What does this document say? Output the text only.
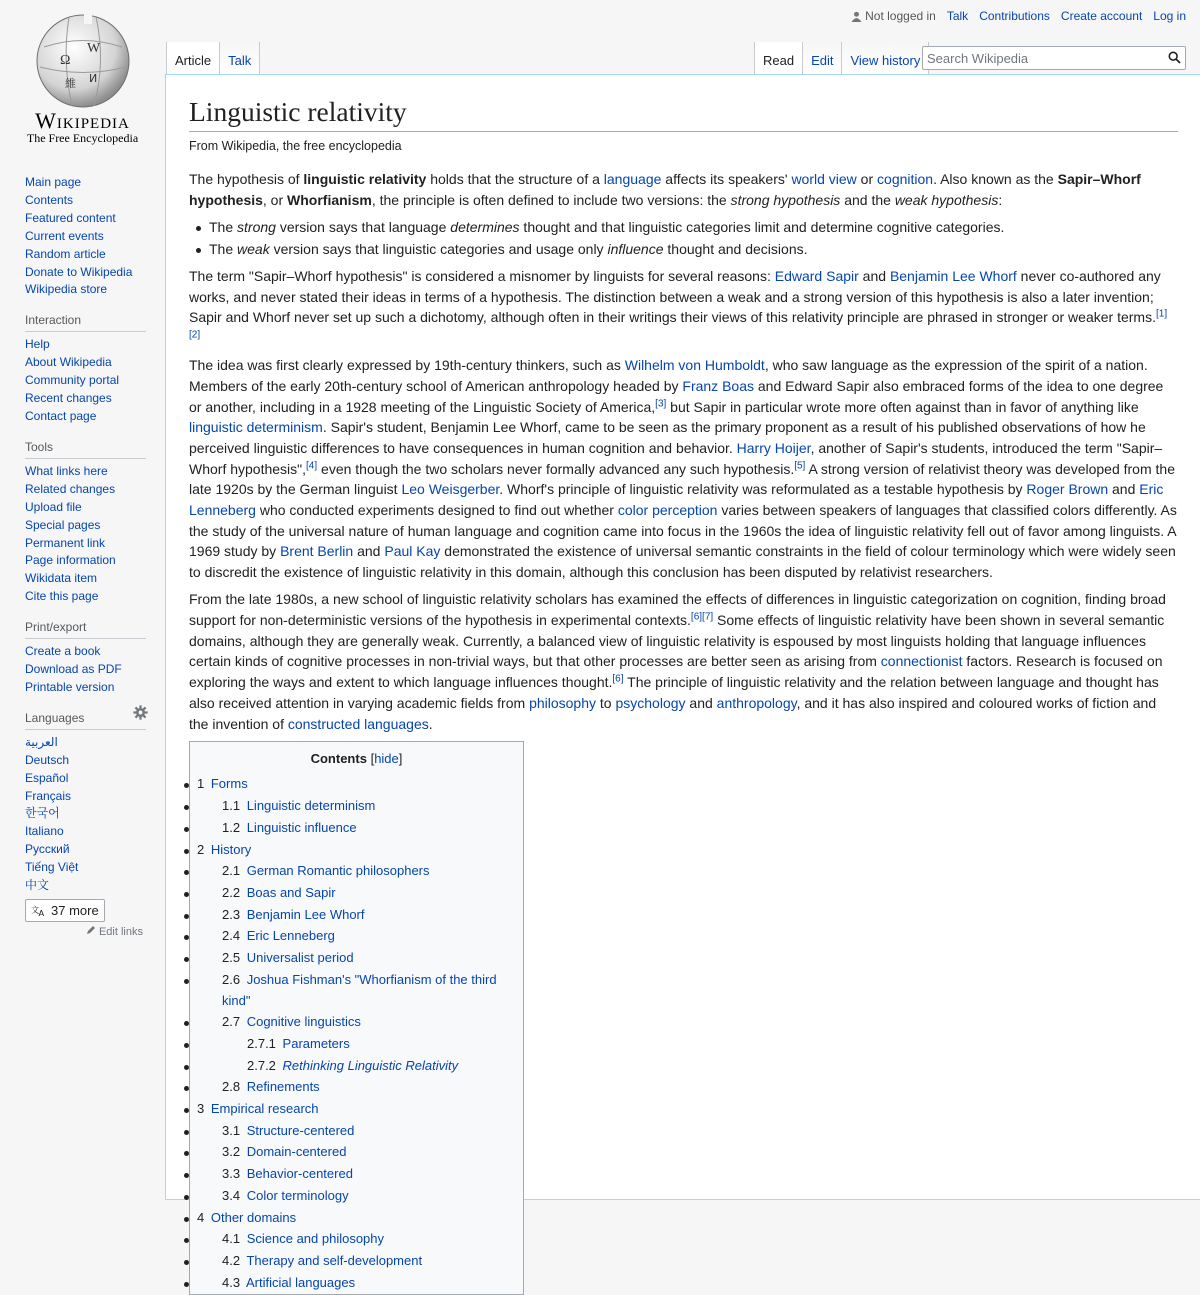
Ω
W
維 И
Wikipedia
The Free Encyclopedia
Not logged in Talk Contributions Create account Log in
Article	Talk	Read	Edit	View history
Search Wikipedia
Main page
Contents
Featured content
Current events
Random article
Donate to Wikipedia
Wikipedia store
Interaction
Help
About Wikipedia
Community portal
Recent changes
Contact page
Tools
What links here
Related changes
Upload file
Special pages
Permanent link
Page information
Wikidata item
Cite this page
Print/export
Create a book
Download as PDF
Printable version
Languages
العربية
Deutsch
Español
Français
한국어
Italiano
Русский
Tiếng Việt
中文
文 A 37 more
Edit links
Linguistic relativity
From Wikipedia, the free encyclopedia

The hypothesis of linguistic relativity holds that the structure of a language affects its speakers' world view or cognition. Also known as the Sapir–Whorf hypothesis, or Whorfianism, the principle is often defined to include two versions: the strong hypothesis and the weak hypothesis:

The strong version says that language determines thought and that linguistic categories limit and determine cognitive categories.
The weak version says that linguistic categories and usage only influence thought and decisions.

The term "Sapir–Whorf hypothesis" is considered a misnomer by linguists for several reasons: Edward Sapir and Benjamin Lee Whorf never co-authored any works, and never stated their ideas in terms of a hypothesis. The distinction between a weak and a strong version of this hypothesis is also a later invention; Sapir and Whorf never set up such a dichotomy, although often in their writings their views of this relativity principle are phrased in stronger or weaker terms.[1][2]

The idea was first clearly expressed by 19th-century thinkers, such as Wilhelm von Humboldt, who saw language as the expression of the spirit of a nation. Members of the early 20th-century school of American anthropology headed by Franz Boas and Edward Sapir also embraced forms of the idea to one degree or another, including in a 1928 meeting of the Linguistic Society of America,[3] but Sapir in particular wrote more often against than in favor of anything like linguistic determinism. Sapir's student, Benjamin Lee Whorf, came to be seen as the primary proponent as a result of his published observations of how he perceived linguistic differences to have consequences in human cognition and behavior. Harry Hoijer, another of Sapir's students, introduced the term "Sapir–Whorf hypothesis",[4] even though the two scholars never formally advanced any such hypothesis.[5] A strong version of relativist theory was developed from the late 1920s by the German linguist Leo Weisgerber. Whorf's principle of linguistic relativity was reformulated as a testable hypothesis by Roger Brown and Eric Lenneberg who conducted experiments designed to find out whether color perception varies between speakers of languages that classified colors differently. As the study of the universal nature of human language and cognition came into focus in the 1960s the idea of linguistic relativity fell out of favor among linguists. A 1969 study by Brent Berlin and Paul Kay demonstrated the existence of universal semantic constraints in the field of colour terminology which were widely seen to discredit the existence of linguistic relativity in this domain, although this conclusion has been disputed by relativist researchers.

From the late 1980s, a new school of linguistic relativity scholars has examined the effects of differences in linguistic categorization on cognition, finding broad support for non-deterministic versions of the hypothesis in experimental contexts.[6][7] Some effects of linguistic relativity have been shown in several semantic domains, although they are generally weak. Currently, a balanced view of linguistic relativity is espoused by most linguists holding that language influences certain kinds of cognitive processes in non-trivial ways, but that other processes are better seen as arising from connectionist factors. Research is focused on exploring the ways and extent to which language influences thought.[6] The principle of linguistic relativity and the relation between language and thought has also received attention in varying academic fields from philosophy to psychology and anthropology, and it has also inspired and coloured works of fiction and the invention of constructed languages.

Contents [hide]
1 Forms
1.1 Linguistic determinism
1.2 Linguistic influence
2 History
2.1 German Romantic philosophers
2.2 Boas and Sapir
2.3 Benjamin Lee Whorf
2.4 Eric Lenneberg
2.5 Universalist period
2.6 Joshua Fishman's "Whorfianism of the third kind"
2.7 Cognitive linguistics
2.7.1 Parameters
2.7.2 Rethinking Linguistic Relativity
2.8 Refinements
3 Empirical research
3.1 Structure-centered
3.2 Domain-centered
3.3 Behavior-centered
3.4 Color terminology
4 Other domains
4.1 Science and philosophy
4.2 Therapy and self-development
4.3 Artificial languages
